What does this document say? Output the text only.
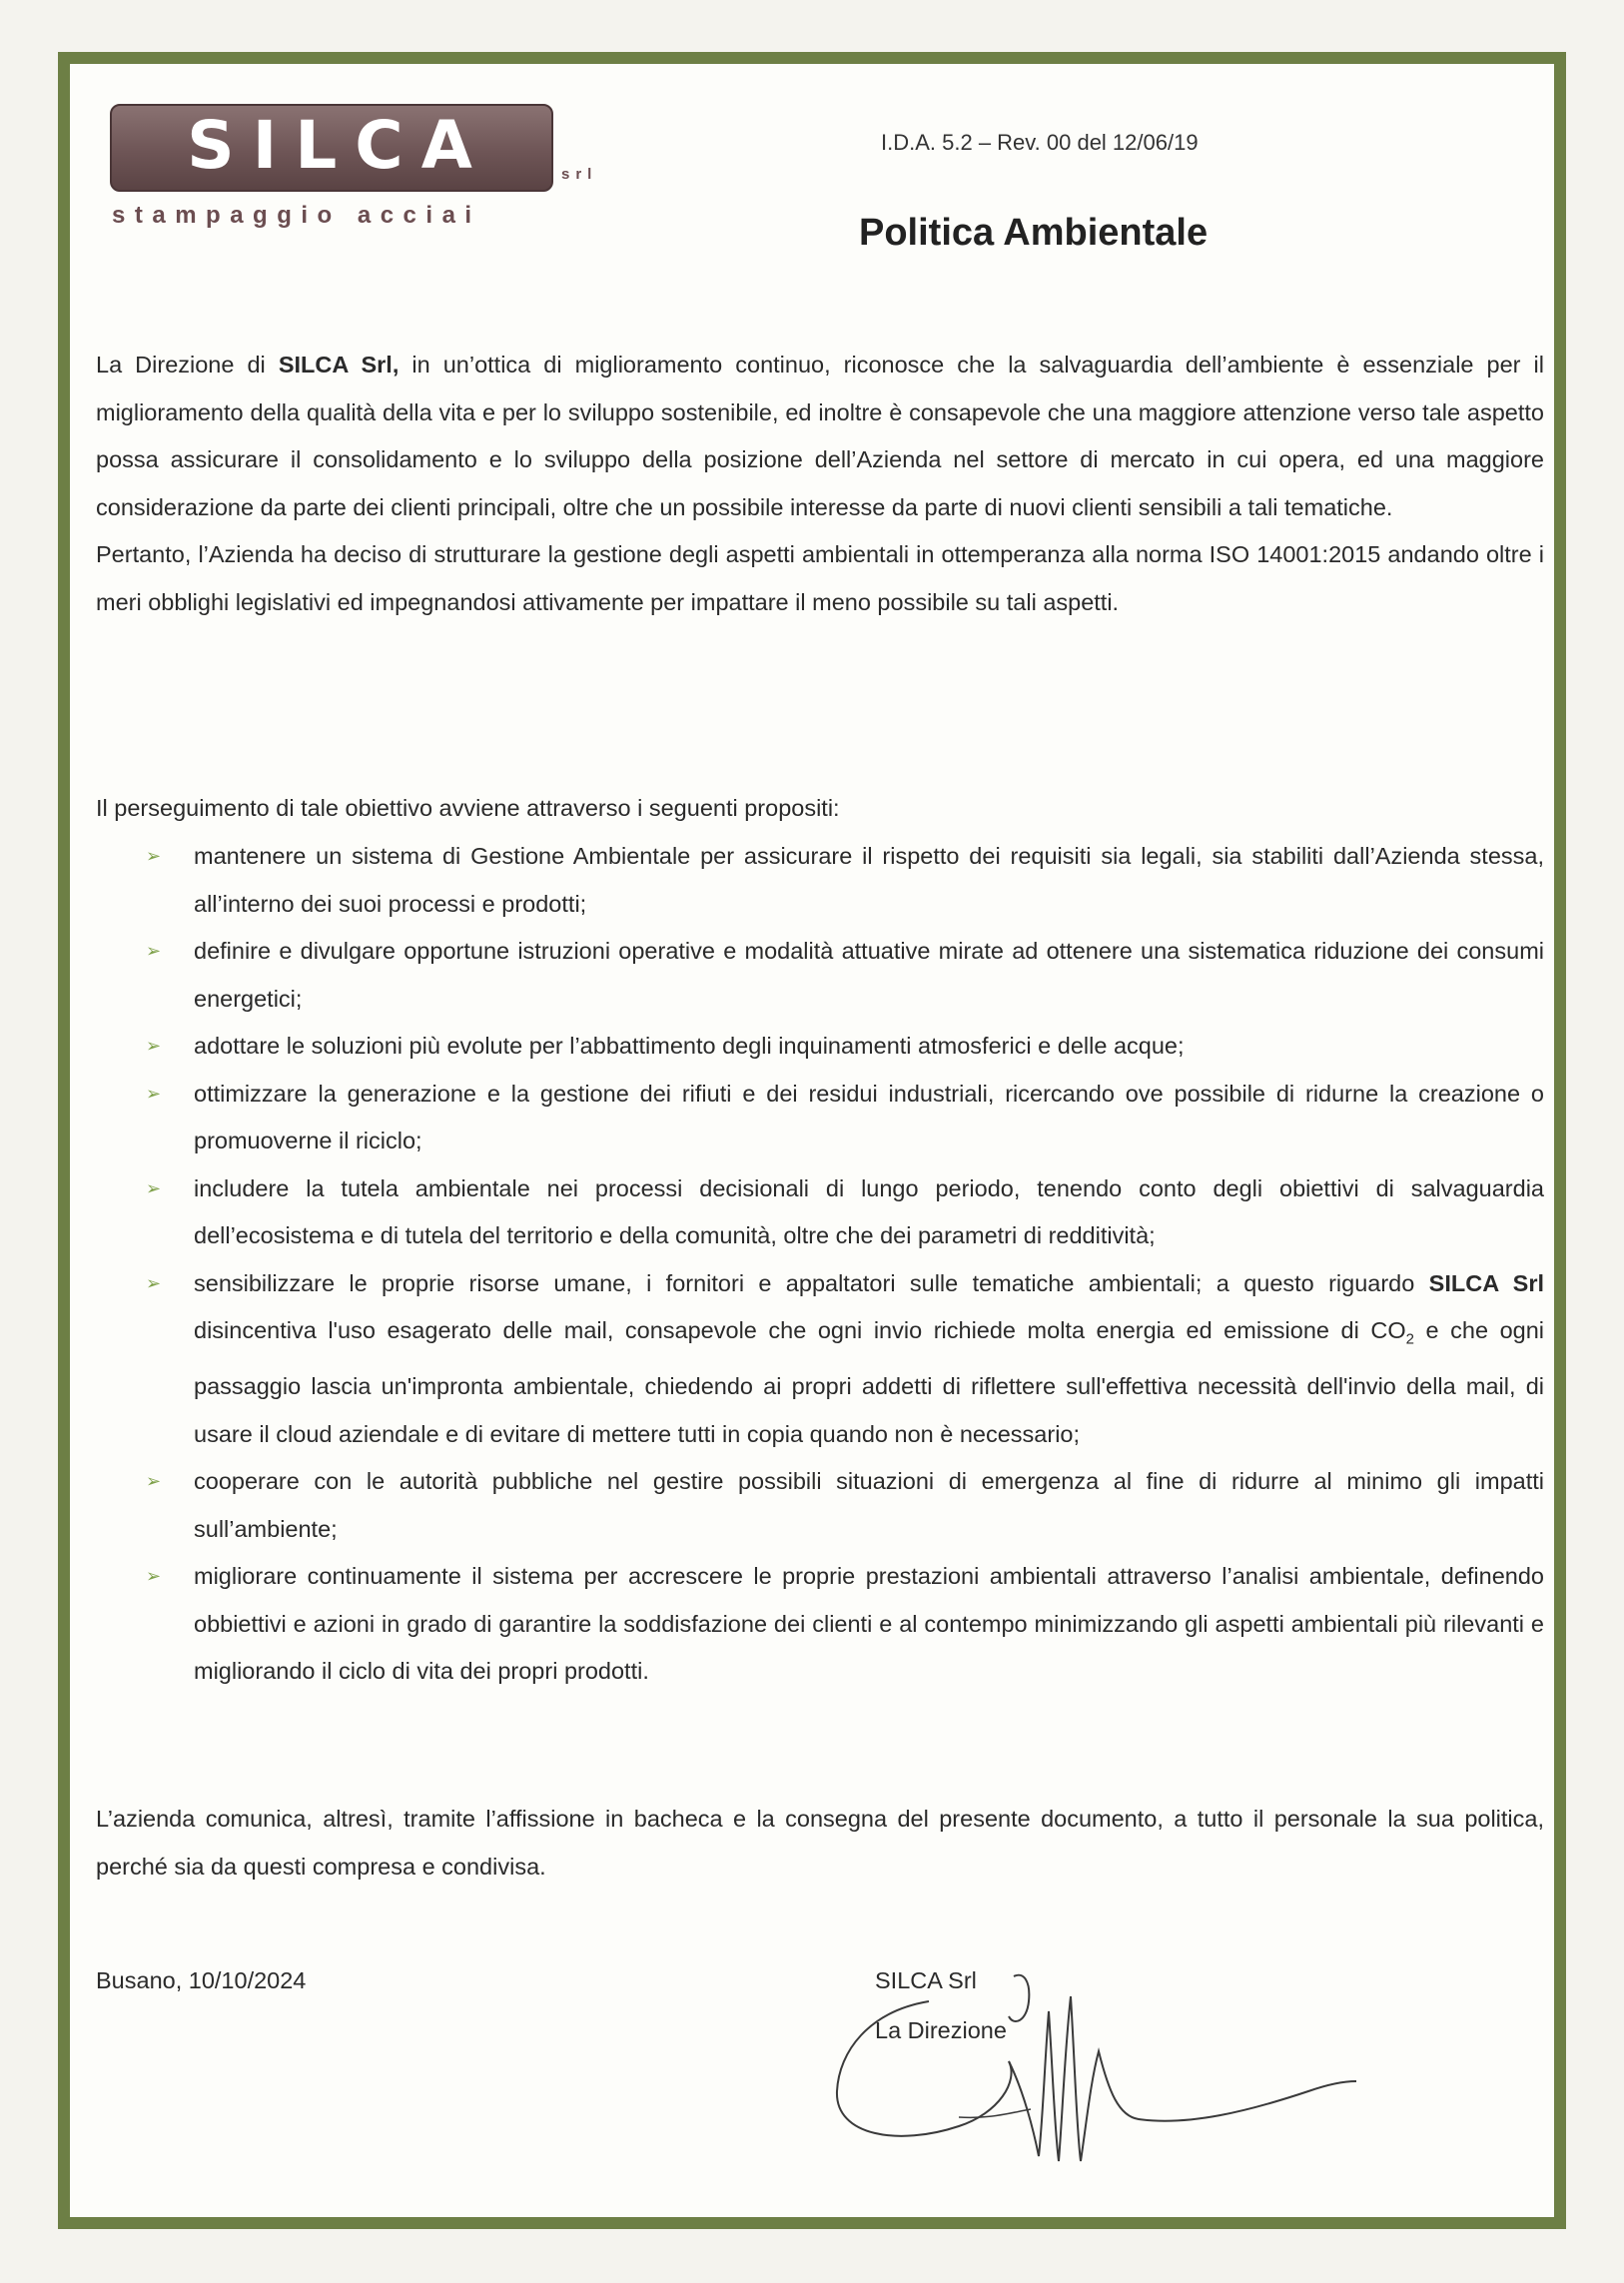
SILCA	srl
stampaggio acciai
I.D.A. 5.2 – Rev. 00 del 12/06/19
Politica Ambientale

La Direzione di SILCA Srl, in un’ottica di miglioramento continuo, riconosce che la salvaguardia dell’ambiente è essenziale per il miglioramento della qualità della vita e per lo sviluppo sostenibile, ed inoltre è consapevole che una maggiore attenzione verso tale aspetto possa assicurare il consolidamento e lo sviluppo della posizione dell’Azienda nel settore di mercato in cui opera, ed una maggiore considerazione da parte dei clienti principali, oltre che un possibile interesse da parte di nuovi clienti sensibili a tali tematiche.

Pertanto, l’Azienda ha deciso di strutturare la gestione degli aspetti ambientali in ottemperanza alla norma ISO 14001:2015 andando oltre i meri obblighi legislativi ed impegnandosi attivamente per impattare il meno possibile su tali aspetti.

Il perseguimento di tale obiettivo avviene attraverso i seguenti propositi:

➢ mantenere un sistema di Gestione Ambientale per assicurare il rispetto dei requisiti sia legali, sia stabiliti dall’Azienda stessa, all’interno dei suoi processi e prodotti;
➢ definire e divulgare opportune istruzioni operative e modalità attuative mirate ad ottenere una sistematica riduzione dei consumi energetici;
➢ adottare le soluzioni più evolute per l’abbattimento degli inquinamenti atmosferici e delle acque;
➢ ottimizzare la generazione e la gestione dei rifiuti e dei residui industriali, ricercando ove possibile di ridurne la creazione o promuoverne il riciclo;
➢ includere la tutela ambientale nei processi decisionali di lungo periodo, tenendo conto degli obiettivi di salvaguardia dell’ecosistema e di tutela del territorio e della comunità, oltre che dei parametri di redditività;
➢ sensibilizzare le proprie risorse umane, i fornitori e appaltatori sulle tematiche ambientali; a questo riguardo SILCA Srl disincentiva l'uso esagerato delle mail, consapevole che ogni invio richiede molta energia ed emissione di $CO_2$ e che ogni passaggio lascia un'impronta ambientale, chiedendo ai propri addetti di riflettere sull'effettiva necessità dell'invio della mail, di usare il cloud aziendale e di evitare di mettere tutti in copia quando non è necessario;
➢ cooperare con le autorità pubbliche nel gestire possibili situazioni di emergenza al fine di ridurre al minimo gli impatti sull’ambiente;
➢ migliorare continuamente il sistema per accrescere le proprie prestazioni ambientali attraverso l’analisi ambientale, definendo obbiettivi e azioni in grado di garantire la soddisfazione dei clienti e al contempo minimizzando gli aspetti ambientali più rilevanti e migliorando il ciclo di vita dei propri prodotti.

L’azienda comunica, altresì, tramite l’affissione in bacheca e la consegna del presente documento, a tutto il personale la sua politica, perché sia da questi compresa e condivisa.

Busano, 10/10/2024	SILCA Srl
La Direzione
